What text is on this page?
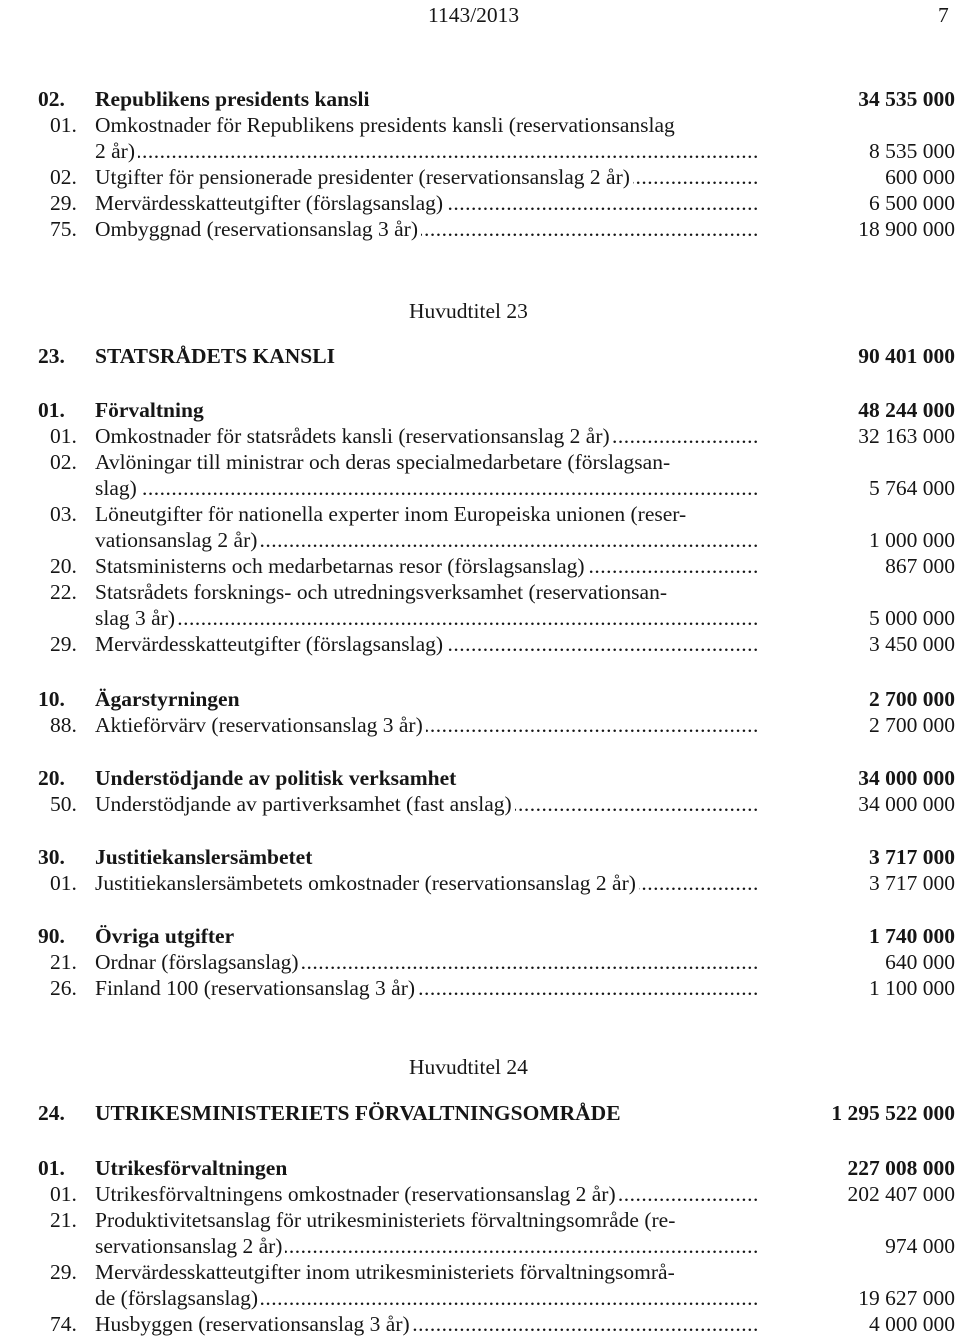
1143/2013	7
02. Republikens presidents kansli	34 535 000
01. Omkostnader för Republikens presidents kansli (reservationsanslag
2 år) .....	8 535 000
02. Utgifter för pensionerade presidenter (reservationsanslag 2 år) .....	600 000
29. Mervärdesskatteutgifter (förslagsanslag) .....	6 500 000
75. Ombyggnad (reservationsanslag 3 år) .....	18 900 000
Huvudtitel 23
23. STATSRÅDETS KANSLI	90 401 000
01. Förvaltning	48 244 000
01. Omkostnader för statsrådets kansli (reservationsanslag 2 år) .....	32 163 000
02. Avlöningar till ministrar och deras specialmedarbetare (förslagsan-
slag) .....	5 764 000
03. Löneutgifter för nationella experter inom Europeiska unionen (reser-
vationsanslag 2 år) .....	1 000 000
20. Statsministerns och medarbetarnas resor (förslagsanslag) .....	867 000
22. Statsrådets forsknings- och utredningsverksamhet (reservationsan-
slag 3 år) .....	5 000 000
29. Mervärdesskatteutgifter (förslagsanslag) .....	3 450 000
10. Ägarstyrningen	2 700 000
88. Aktieförvärv (reservationsanslag 3 år) .....	2 700 000
20. Understödjande av politisk verksamhet	34 000 000
50. Understödjande av partiverksamhet (fast anslag) .....	34 000 000
30. Justitiekanslersämbetet	3 717 000
01. Justitiekanslersämbetets omkostnader (reservationsanslag 2 år) .....	3 717 000
90. Övriga utgifter	1 740 000
21. Ordnar (förslagsanslag) .....	640 000
26. Finland 100 (reservationsanslag 3 år) .....	1 100 000
Huvudtitel 24
24. UTRIKESMINISTERIETS FÖRVALTNINGSOMRÅDE	1 295 522 000
01. Utrikesförvaltningen	227 008 000
01. Utrikesförvaltningens omkostnader (reservationsanslag 2 år) .....	202 407 000
21. Produktivitetsanslag för utrikesministeriets förvaltningsområde (re-
servationsanslag 2 år) .....	974 000
29. Mervärdesskatteutgifter inom utrikesministeriets förvaltningsområ-
de (förslagsanslag) .....	19 627 000
74. Husbyggen (reservationsanslag 3 år) .....	4 000 000
